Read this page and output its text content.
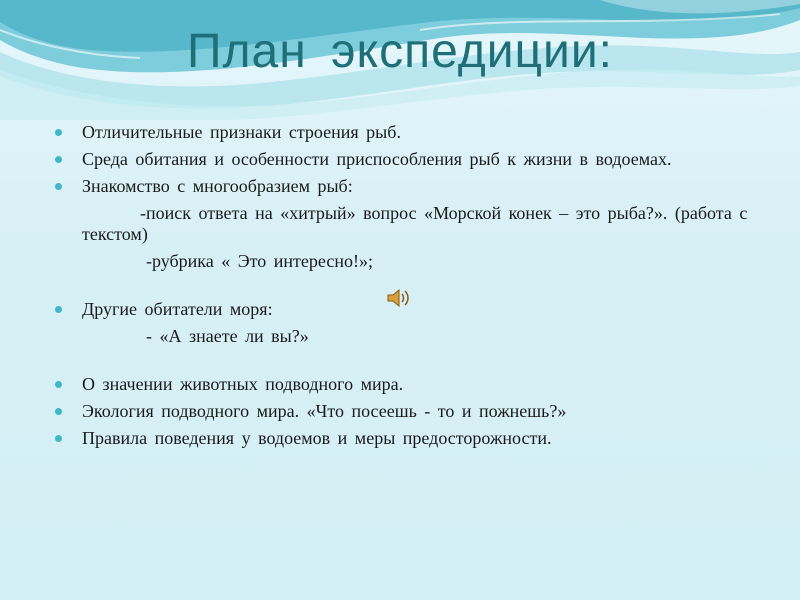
План экспедиции:
Отличительные признаки строения рыб.
Среда обитания и особенности приспособления рыб к жизни в водоемах.
Знакомство с многообразием рыб:
-поиск ответа на «хитрый» вопрос «Морской конек – это рыба?». (работа с текстом)
-рубрика « Это интересно!»;
Другие обитатели моря:
- «А знаете ли вы?»
О значении животных подводного мира.
Экология подводного мира. «Что посеешь - то и пожнешь?»
Правила поведения у водоемов и меры предосторожности.
